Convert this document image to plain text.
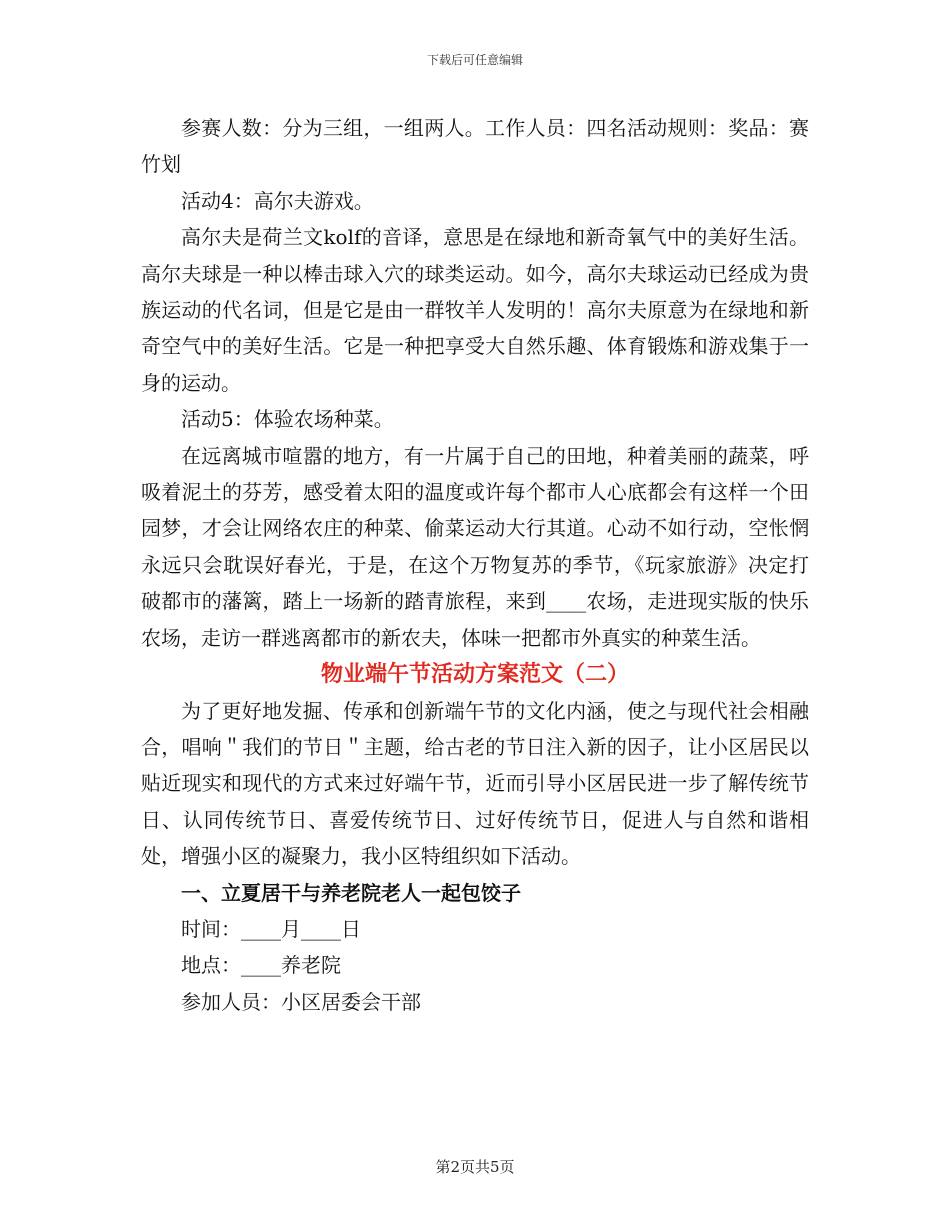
下载后可任意编辑

参赛人数：分为三组，一组两人。工作人员：四名活动规则：奖品：赛竹划

活动4：高尔夫游戏。

高尔夫是荷兰文kolf的音译，意思是在绿地和新奇氧气中的美好生活。高尔夫球是一种以棒击球入穴的球类运动。如今，高尔夫球运动已经成为贵族运动的代名词，但是它是由一群牧羊人发明的！高尔夫原意为在绿地和新奇空气中的美好生活。它是一种把享受大自然乐趣、体育锻炼和游戏集于一身的运动。

活动5：体验农场种菜。

在远离城市喧嚣的地方，有一片属于自己的田地，种着美丽的蔬菜，呼吸着泥土的芬芳，感受着太阳的温度或许每个都市人心底都会有这样一个田园梦，才会让网络农庄的种菜、偷菜运动大行其道。心动不如行动，空怅惘永远只会耽误好春光，于是，在这个万物复苏的季节，《玩家旅游》决定打破都市的藩篱，踏上一场新的踏青旅程，来到____农场，走进现实版的快乐农场，走访一群逃离都市的新农夫，体味一把都市外真实的种菜生活。

物业端午节活动方案范文（二）

为了更好地发掘、传承和创新端午节的文化内涵，使之与现代社会相融合，唱响＂我们的节日＂主题，给古老的节日注入新的因子，让小区居民以贴近现实和现代的方式来过好端午节，近而引导小区居民进一步了解传统节日、认同传统节日、喜爱传统节日、过好传统节日，促进人与自然和谐相处，增强小区的凝聚力，我小区特组织如下活动。

一、立夏居干与养老院老人一起包饺子

时间：____月____日

地点：____养老院

参加人员：小区居委会干部

第2页共5页
